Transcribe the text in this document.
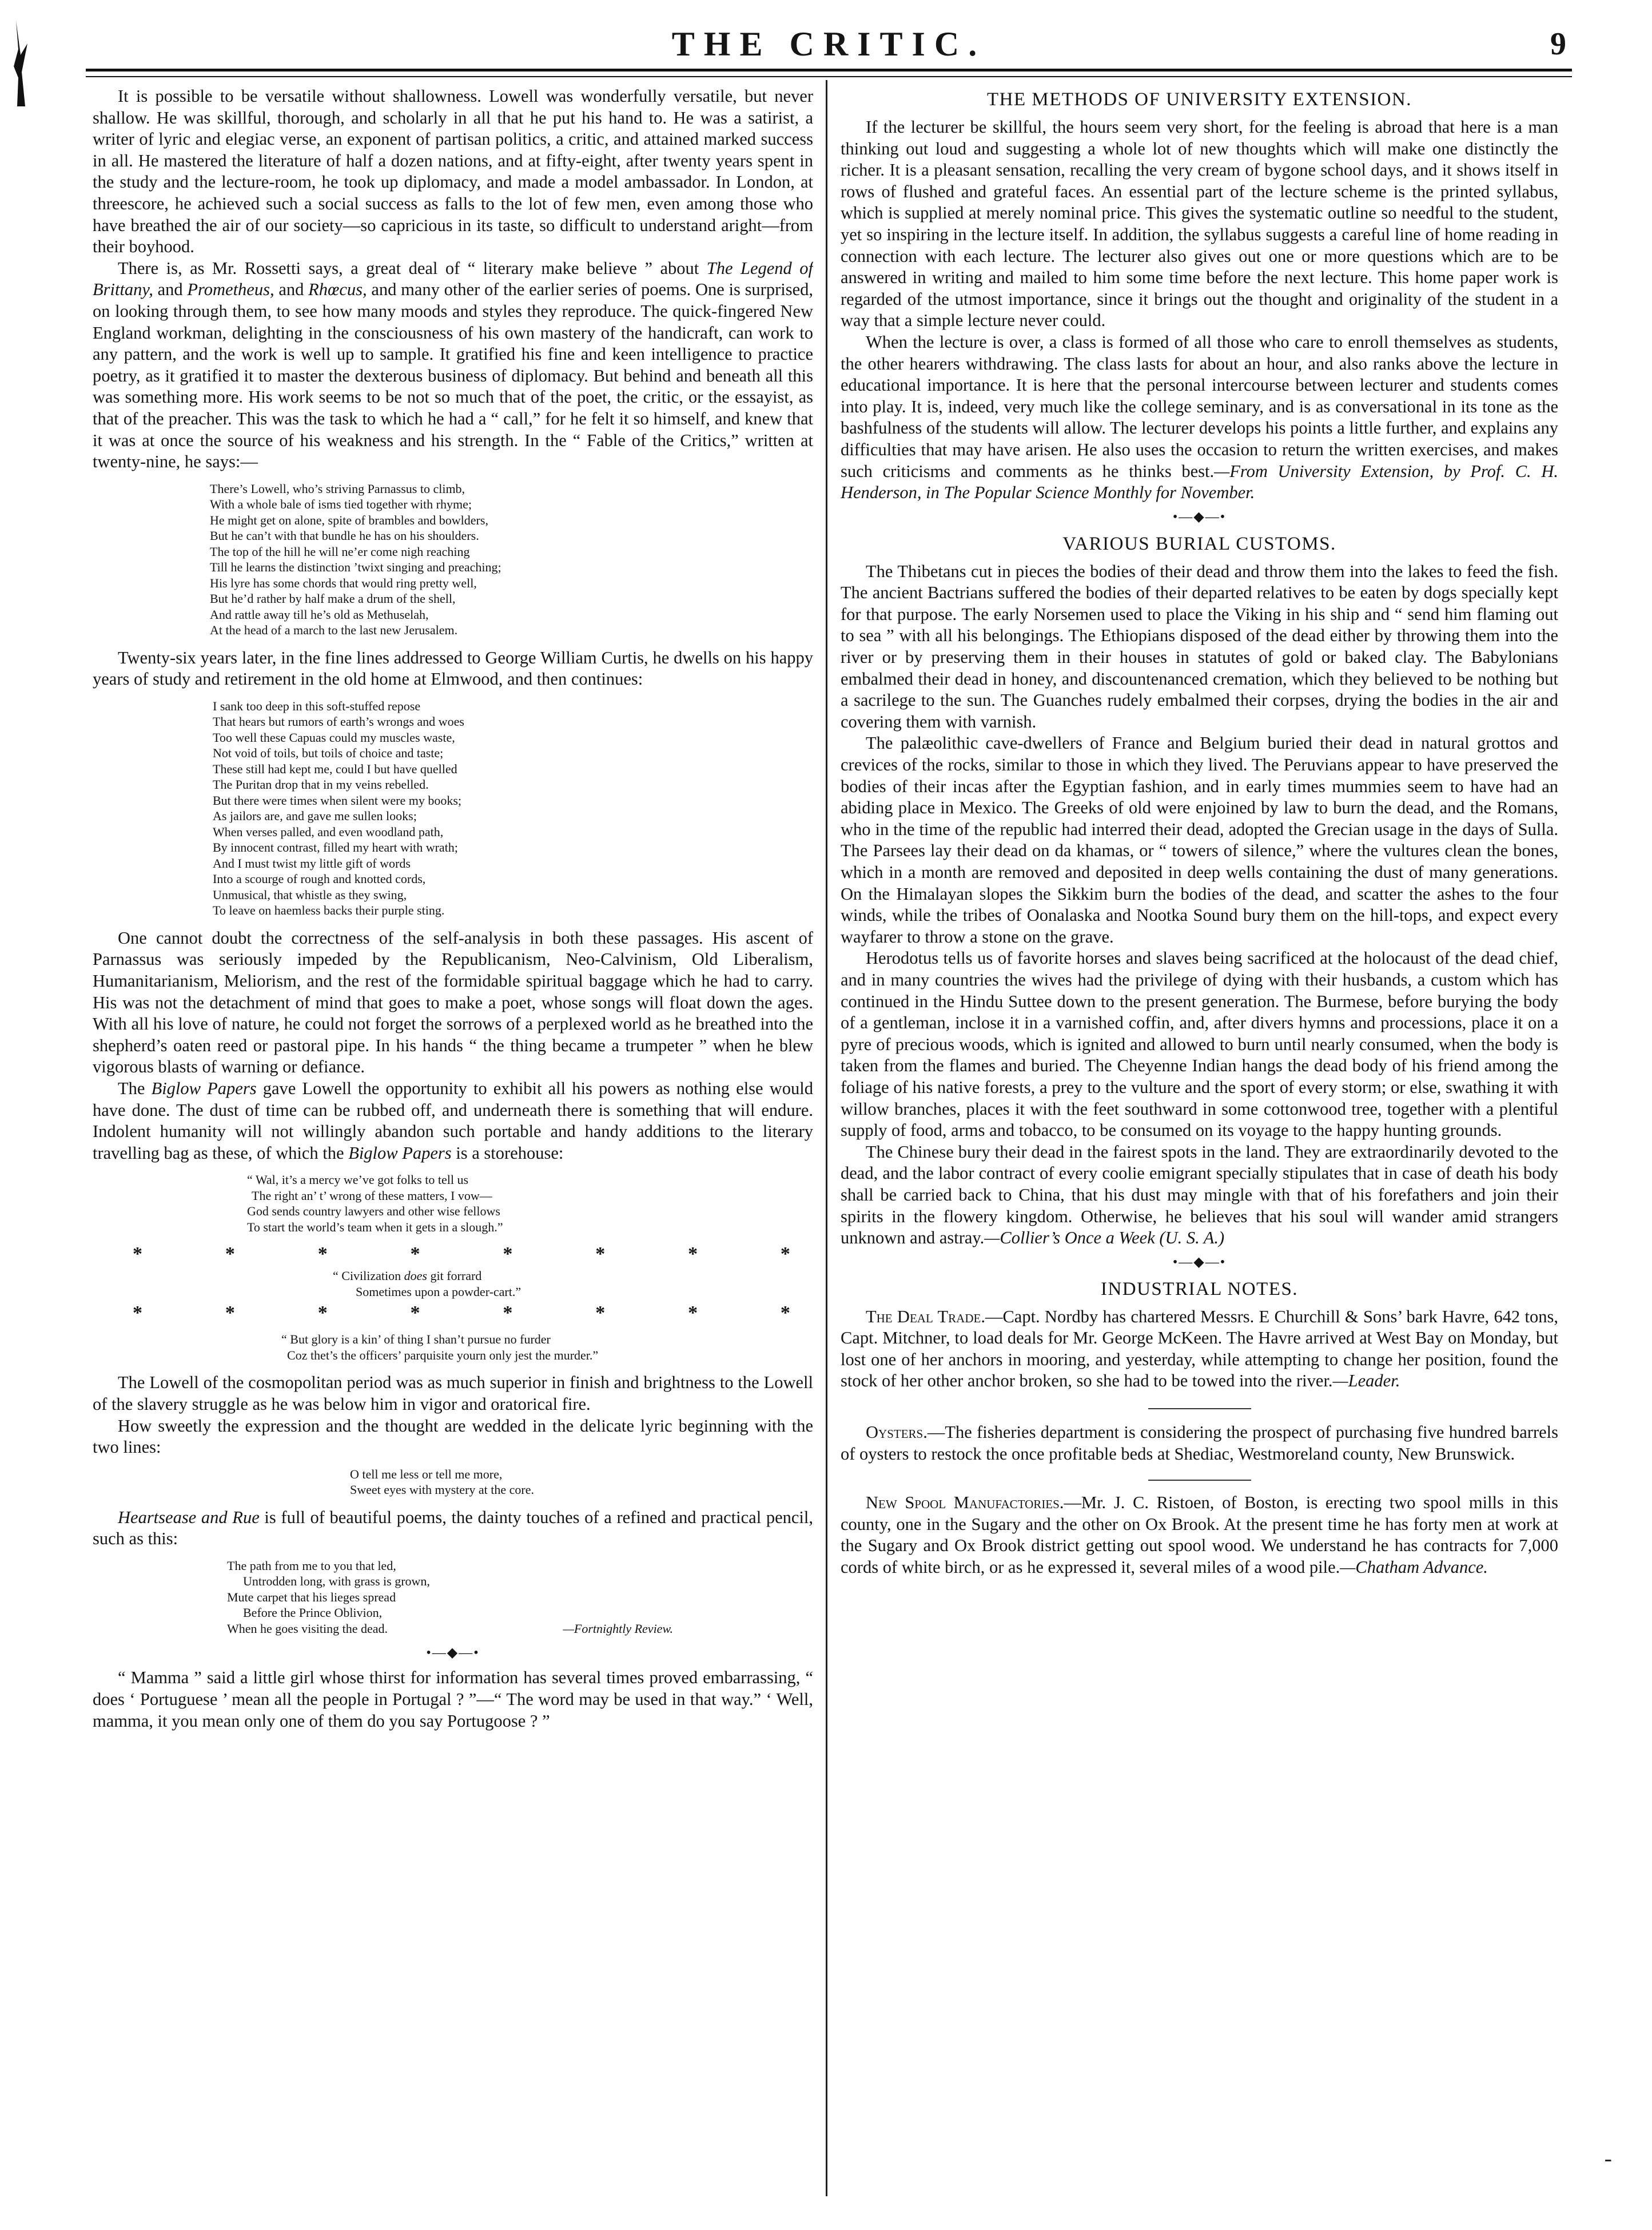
THE CRITIC.	9

It is possible to be versatile without shallowness. Lowell was wonderfully versatile, but never shallow. He was skillful, thorough, and scholarly in all that he put his hand to. He was a satirist, a writer of lyric and elegiac verse, an exponent of partisan politics, a critic, and attained marked success in all. He mastered the literature of half a dozen nations, and at fifty-eight, after twenty years spent in the study and the lecture-room, he took up diplomacy, and made a model ambassador. In London, at threescore, he achieved such a social success as falls to the lot of few men, even among those who have breathed the air of our society—so capricious in its taste, so difficult to understand aright—from their boyhood.

There is, as Mr. Rossetti says, a great deal of “ literary make believe ” about The Legend of Brittany, and Prometheus, and Rhœcus, and many other of the earlier series of poems. One is surprised, on looking through them, to see how many moods and styles they reproduce. The quick-fingered New England workman, delighting in the consciousness of his own mastery of the handicraft, can work to any pattern, and the work is well up to sample. It gratified his fine and keen intelligence to practice poetry, as it gratified it to master the dexterous business of diplomacy. But behind and beneath all this was something more. His work seems to be not so much that of the poet, the critic, or the essayist, as that of the preacher. This was the task to which he had a “ call,” for he felt it so himself, and knew that it was at once the source of his weakness and his strength. In the “ Fable of the Critics,” written at twenty-nine, he says:—

There’s Lowell, who’s striving Parnassus to climb,
With a whole bale of isms tied together with rhyme;
He might get on alone, spite of brambles and bowlders,
But he can’t with that bundle he has on his shoulders.
The top of the hill he will ne’er come nigh reaching
Till he learns the distinction ’twixt singing and preaching;
His lyre has some chords that would ring pretty well,
But he’d rather by half make a drum of the shell,
And rattle away till he’s old as Methuselah,
At the head of a march to the last new Jerusalem.

Twenty-six years later, in the fine lines addressed to George William Curtis, he dwells on his happy years of study and retirement in the old home at Elmwood, and then continues:

I sank too deep in this soft-stuffed repose
That hears but rumors of earth’s wrongs and woes
Too well these Capuas could my muscles waste,
Not void of toils, but toils of choice and taste;
These still had kept me, could I but have quelled
The Puritan drop that in my veins rebelled.
But there were times when silent were my books;
As jailors are, and gave me sullen looks;
When verses palled, and even woodland path,
By innocent contrast, filled my heart with wrath;
And I must twist my little gift of words
Into a scourge of rough and knotted cords,
Unmusical, that whistle as they swing,
To leave on haemless backs their purple sting.

One cannot doubt the correctness of the self-analysis in both these passages. His ascent of Parnassus was seriously impeded by the Republicanism, Neo-Calvinism, Old Liberalism, Humanitarianism, Meliorism, and the rest of the formidable spiritual baggage which he had to carry. His was not the detachment of mind that goes to make a poet, whose songs will float down the ages. With all his love of nature, he could not forget the sorrows of a perplexed world as he breathed into the shepherd’s oaten reed or pastoral pipe. In his hands “ the thing became a trumpeter ” when he blew vigorous blasts of warning or defiance.

The Biglow Papers gave Lowell the opportunity to exhibit all his powers as nothing else would have done. The dust of time can be rubbed off, and underneath there is something that will endure. Indolent humanity will not willingly abandon such portable and handy additions to the literary travelling bag as these, of which the Biglow Papers is a storehouse:

“ Wal, it’s a mercy we’ve got folks to tell us
The right an’ t’ wrong of these matters, I vow—
God sends country lawyers and other wise fellows
To start the world’s team when it gets in a slough.”
*	*	*	*	*	*	*	*
“ Civilization does git forrard
Sometimes upon a powder-cart.”
*	*	*	*	*	*	*	*
“ But glory is a kin’ of thing I shan’t pursue no furder
Coz thet’s the officers’ parquisite yourn only jest the murder.”

The Lowell of the cosmopolitan period was as much superior in finish and brightness to the Lowell of the slavery struggle as he was below him in vigor and oratorical fire.

How sweetly the expression and the thought are wedded in the delicate lyric beginning with the two lines:

O tell me less or tell me more,
Sweet eyes with mystery at the core.

Heartsease and Rue is full of beautiful poems, the dainty touches of a refined and practical pencil, such as this:

The path from me to you that led,
Untrodden long, with grass is grown,
Mute carpet that his lieges spread
Before the Prince Oblivion,
When he goes visiting the dead.	—Fortnightly Review.
•—◆—•

“ Mamma ” said a little girl whose thirst for information has several times proved embarrassing, “ does ‘ Portuguese ’ mean all the people in Portugal ? ”—“ The word may be used in that way.” ‘ Well, mamma, it you mean only one of them do you say Portugoose ? ”

THE METHODS OF UNIVERSITY EXTENSION.

If the lecturer be skillful, the hours seem very short, for the feeling is abroad that here is a man thinking out loud and suggesting a whole lot of new thoughts which will make one distinctly the richer. It is a pleasant sensation, recalling the very cream of bygone school days, and it shows itself in rows of flushed and grateful faces. An essential part of the lecture scheme is the printed syllabus, which is supplied at merely nominal price. This gives the systematic outline so needful to the student, yet so inspiring in the lecture itself. In addition, the syllabus suggests a careful line of home reading in connection with each lecture. The lecturer also gives out one or more questions which are to be answered in writing and mailed to him some time before the next lecture. This home paper work is regarded of the utmost importance, since it brings out the thought and originality of the student in a way that a simple lecture never could.

When the lecture is over, a class is formed of all those who care to enroll themselves as students, the other hearers withdrawing. The class lasts for about an hour, and also ranks above the lecture in educational importance. It is here that the personal intercourse between lecturer and students comes into play. It is, indeed, very much like the college seminary, and is as conversational in its tone as the bashfulness of the students will allow. The lecturer develops his points a little further, and explains any difficulties that may have arisen. He also uses the occasion to return the written exercises, and makes such criticisms and comments as he thinks best.—From University Extension, by Prof. C. H. Henderson, in The Popular Science Monthly for November.

•—◆—•
VARIOUS BURIAL CUSTOMS.

The Thibetans cut in pieces the bodies of their dead and throw them into the lakes to feed the fish. The ancient Bactrians suffered the bodies of their departed relatives to be eaten by dogs specially kept for that purpose. The early Norsemen used to place the Viking in his ship and “ send him flaming out to sea ” with all his belongings. The Ethiopians disposed of the dead either by throwing them into the river or by preserving them in their houses in statutes of gold or baked clay. The Babylonians embalmed their dead in honey, and discountenanced cremation, which they believed to be nothing but a sacrilege to the sun. The Guanches rudely embalmed their corpses, drying the bodies in the air and covering them with varnish.

The palæolithic cave-dwellers of France and Belgium buried their dead in natural grottos and crevices of the rocks, similar to those in which they lived. The Peruvians appear to have preserved the bodies of their incas after the Egyptian fashion, and in early times mummies seem to have had an abiding place in Mexico. The Greeks of old were enjoined by law to burn the dead, and the Romans, who in the time of the republic had interred their dead, adopted the Grecian usage in the days of Sulla. The Parsees lay their dead on da khamas, or “ towers of silence,” where the vultures clean the bones, which in a month are removed and deposited in deep wells containing the dust of many generations. On the Himalayan slopes the Sikkim burn the bodies of the dead, and scatter the ashes to the four winds, while the tribes of Oonalaska and Nootka Sound bury them on the hill-tops, and expect every wayfarer to throw a stone on the grave.

Herodotus tells us of favorite horses and slaves being sacrificed at the holocaust of the dead chief, and in many countries the wives had the privilege of dying with their husbands, a custom which has continued in the Hindu Suttee down to the present generation. The Burmese, before burying the body of a gentleman, inclose it in a varnished coffin, and, after divers hymns and processions, place it on a pyre of precious woods, which is ignited and allowed to burn until nearly consumed, when the body is taken from the flames and buried. The Cheyenne Indian hangs the dead body of his friend among the foliage of his native forests, a prey to the vulture and the sport of every storm; or else, swathing it with willow branches, places it with the feet southward in some cottonwood tree, together with a plentiful supply of food, arms and tobacco, to be consumed on its voyage to the happy hunting grounds.

The Chinese bury their dead in the fairest spots in the land. They are extraordinarily devoted to the dead, and the labor contract of every coolie emigrant specially stipulates that in case of death his body shall be carried back to China, that his dust may mingle with that of his forefathers and join their spirits in the flowery kingdom. Otherwise, he believes that his soul will wander amid strangers unknown and astray.—Collier’s Once a Week (U. S. A.)

•—◆—•
INDUSTRIAL NOTES.

The Deal Trade.—Capt. Nordby has chartered Messrs. E Churchill & Sons’ bark Havre, 642 tons, Capt. Mitchner, to load deals for Mr. George McKeen. The Havre arrived at West Bay on Monday, but lost one of her anchors in mooring, and yesterday, while attempting to change her position, found the stock of her other anchor broken, so she had to be towed into the river.—Leader.

Oysters.—The fisheries department is considering the prospect of purchasing five hundred barrels of oysters to restock the once profitable beds at Shediac, Westmoreland county, New Brunswick.

New Spool Manufactories.—Mr. J. C. Ristoen, of Boston, is erecting two spool mills in this county, one in the Sugary and the other on Ox Brook. At the present time he has forty men at work at the Sugary and Ox Brook district getting out spool wood. We understand he has contracts for 7,000 cords of white birch, or as he expressed it, several miles of a wood pile.—Chatham Advance.

-
